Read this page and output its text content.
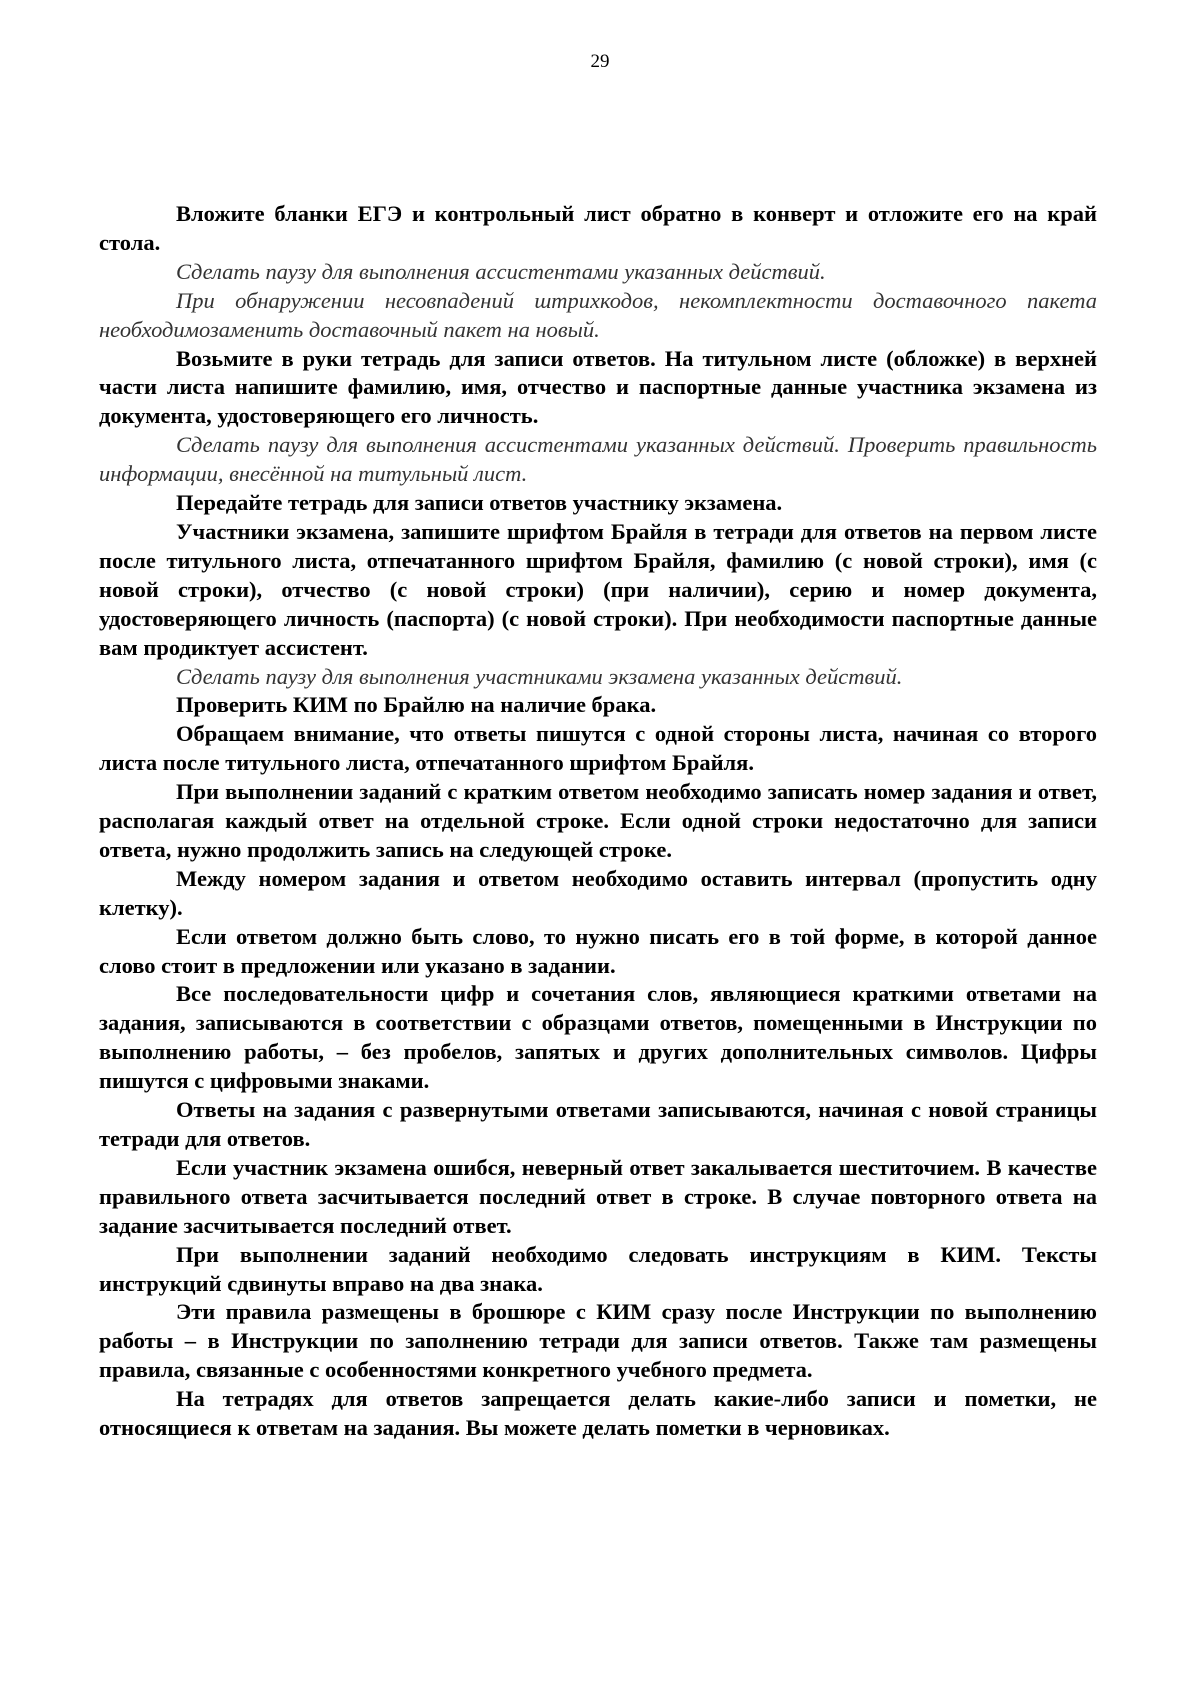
29

Вложите бланки ЕГЭ и контрольный лист обратно в конверт и отложите его на край стола.

Сделать паузу для выполнения ассистентами указанных действий.

При обнаружении несовпадений штрихкодов, некомплектности доставочного пакета необходимозаменить доставочный пакет на новый.

Возьмите в руки тетрадь для записи ответов. На титульном листе (обложке) в верхней части листа напишите фамилию, имя, отчество и паспортные данные участника экзамена из документа, удостоверяющего его личность.

Сделать паузу для выполнения ассистентами указанных действий. Проверить правильность информации, внесённой на титульный лист.

Передайте тетрадь для записи ответов участнику экзамена.

Участники экзамена, запишите шрифтом Брайля в тетради для ответов на первом листе после титульного листа, отпечатанного шрифтом Брайля, фамилию (с новой строки), имя (с новой строки), отчество (с новой строки) (при наличии), серию и номер документа, удостоверяющего личность (паспорта) (с новой строки). При необходимости паспортные данные вам продиктует ассистент.

Сделать паузу для выполнения участниками экзамена указанных действий.

Проверить КИМ по Брайлю на наличие брака.

Обращаем внимание, что ответы пишутся с одной стороны листа, начиная со второго листа после титульного листа, отпечатанного шрифтом Брайля.

При выполнении заданий с кратким ответом необходимо записать номер задания и ответ, располагая каждый ответ на отдельной строке. Если одной строки недостаточно для записи ответа, нужно продолжить запись на следующей строке.

Между номером задания и ответом необходимо оставить интервал (пропустить одну клетку).

Если ответом должно быть слово, то нужно писать его в той форме, в которой данное слово стоит в предложении или указано в задании.

Все последовательности цифр и сочетания слов, являющиеся краткими ответами на задания, записываются в соответствии с образцами ответов, помещенными в Инструкции по выполнению работы, – без пробелов, запятых и других дополнительных символов. Цифры пишутся с цифровыми знаками.

Ответы на задания с развернутыми ответами записываются, начиная с новой страницы тетради для ответов.

Если участник экзамена ошибся, неверный ответ закалывается шеститочием. В качестве правильного ответа засчитывается последний ответ в строке. В случае повторного ответа на задание засчитывается последний ответ.

При выполнении заданий необходимо следовать инструкциям в КИМ. Тексты инструкций сдвинуты вправо на два знака.

Эти правила размещены в брошюре с КИМ сразу после Инструкции по выполнению работы – в Инструкции по заполнению тетради для записи ответов. Также там размещены правила, связанные с особенностями конкретного учебного предмета.

На тетрадях для ответов запрещается делать какие-либо записи и пометки, не относящиеся к ответам на задания. Вы можете делать пометки в черновиках.
